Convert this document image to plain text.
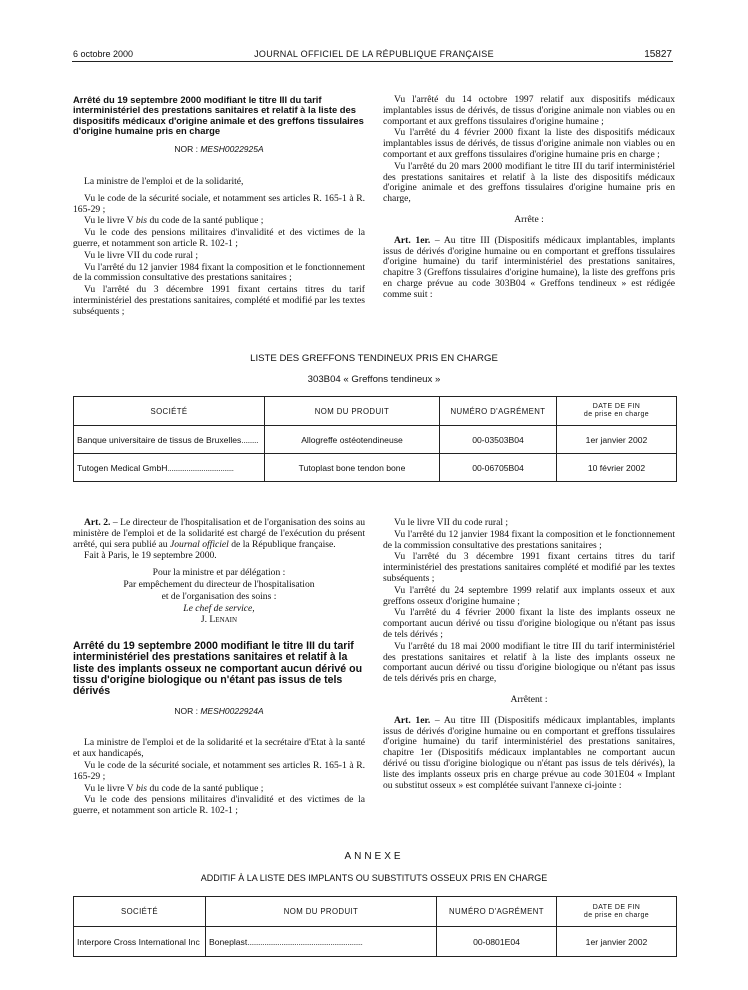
6 octobre 2000	JOURNAL OFFICIEL DE LA RÉPUBLIQUE FRANÇAISE	15827
Arrêté du 19 septembre 2000 modifiant le titre III du tarif interministériel des prestations sanitaires et relatif à la liste des dispositifs médicaux d'origine animale et des greffons tissulaires d'origine humaine pris en charge
NOR : MESH0022925A

La ministre de l'emploi et de la solidarité,

Vu le code de la sécurité sociale, et notamment ses articles R. 165-1 à R. 165-29 ;

Vu le livre V bis du code de la santé publique ;

Vu le code des pensions militaires d'invalidité et des victimes de la guerre, et notamment son article R. 102-1 ;

Vu le livre VII du code rural ;

Vu l'arrêté du 12 janvier 1984 fixant la composition et le fonctionnement de la commission consultative des prestations sanitaires ;

Vu l'arrêté du 3 décembre 1991 fixant certains titres du tarif interministériel des prestations sanitaires, complété et modifié par les textes subséquents ;

Vu l'arrêté du 14 octobre 1997 relatif aux dispositifs médicaux implantables issus de dérivés, de tissus d'origine animale non viables ou en comportant et aux greffons tissulaires d'origine humaine ;

Vu l'arrêté du 4 février 2000 fixant la liste des dispositifs médicaux implantables issus de dérivés, de tissus d'origine animale non viables ou en comportant et aux greffons tissulaires d'origine humaine pris en charge ;

Vu l'arrêté du 20 mars 2000 modifiant le titre III du tarif interministériel des prestations sanitaires et relatif à la liste des dispositifs médicaux d'origine animale et des greffons tissulaires d'origine humaine pris en charge,

Arrête :

Art. 1er. – Au titre III (Dispositifs médicaux implantables, implants issus de dérivés d'origine humaine ou en comportant et greffons tissulaires d'origine humaine) du tarif interministériel des prestations sanitaires, chapitre 3 (Greffons tissulaires d'origine humaine), la liste des greffons pris en charge prévue au code 303B04 « Greffons tendineux » est rédigée comme suit :

LISTE DES GREFFONS TENDINEUX PRIS EN CHARGE
303B04 « Greffons tendineux »
SOCIÉTÉ	NOM DU PRODUIT	NUMÉRO D'AGRÉMENT	DATE DE FIN
de prise en charge

Banque universitaire de tissus de Bruxelles.........	Allogreffe ostéotendineuse	00-03503B04	1er janvier 2002
Tutogen Medical GmbH...................................	Tutoplast bone tendon bone	00-06705B04	10 février 2002

Art. 2. – Le directeur de l'hospitalisation et de l'organisation des soins au ministère de l'emploi et de la solidarité est chargé de l'exécution du présent arrêté, qui sera publié au Journal officiel de la République française.

Fait à Paris, le 19 septembre 2000.

Pour la ministre et par délégation :

Par empêchement du directeur de l'hospitalisation

et de l'organisation des soins :

Le chef de service,

J. Lenain

Arrêté du 19 septembre 2000 modifiant le titre III du tarif interministériel des prestations sanitaires et relatif à la liste des implants osseux ne comportant aucun dérivé ou tissu d'origine biologique ou n'étant pas issus de tels dérivés
NOR : MESH0022924A

La ministre de l'emploi et de la solidarité et la secrétaire d'Etat à la santé et aux handicapés,

Vu le code de la sécurité sociale, et notamment ses articles R. 165-1 à R. 165-29 ;

Vu le livre V bis du code de la santé publique ;

Vu le code des pensions militaires d'invalidité et des victimes de la guerre, et notamment son article R. 102-1 ;

Vu le livre VII du code rural ;

Vu l'arrêté du 12 janvier 1984 fixant la composition et le fonctionnement de la commission consultative des prestations sanitaires ;

Vu l'arrêté du 3 décembre 1991 fixant certains titres du tarif interministériel des prestations sanitaires complété et modifié par les textes subséquents ;

Vu l'arrêté du 24 septembre 1999 relatif aux implants osseux et aux greffons osseux d'origine humaine ;

Vu l'arrêté du 4 février 2000 fixant la liste des implants osseux ne comportant aucun dérivé ou tissu d'origine biologique ou n'étant pas issus de tels dérivés ;

Vu l'arrêté du 18 mai 2000 modifiant le titre III du tarif interministériel des prestations sanitaires et relatif à la liste des implants osseux ne comportant aucun dérivé ou tissu d'origine biologique ou n'étant pas issus de tels dérivés pris en charge,

Arrêtent :

Art. 1er. – Au titre III (Dispositifs médicaux implantables, implants issus de dérivés d'origine humaine ou en comportant et greffons tissulaires d'origine humaine) du tarif interministériel des prestations sanitaires, chapitre 1er (Dispositifs médicaux implantables ne comportant aucun dérivé ou tissu d'origine biologique ou n'étant pas issus de tels dérivés), la liste des implants osseux pris en charge prévue au code 301E04 « Implant ou substitut osseux » est complétée suivant l'annexe ci-jointe :

ANNEXE
ADDITIF À LA LISTE DES IMPLANTS OU SUBSTITUTS OSSEUX PRIS EN CHARGE
SOCIÉTÉ	NOM DU PRODUIT	NUMÉRO D'AGRÉMENT	DATE DE FIN
de prise en charge

Interpore Cross International Inc	Boneplast.............................................................	00-0801E04	1er janvier 2002
